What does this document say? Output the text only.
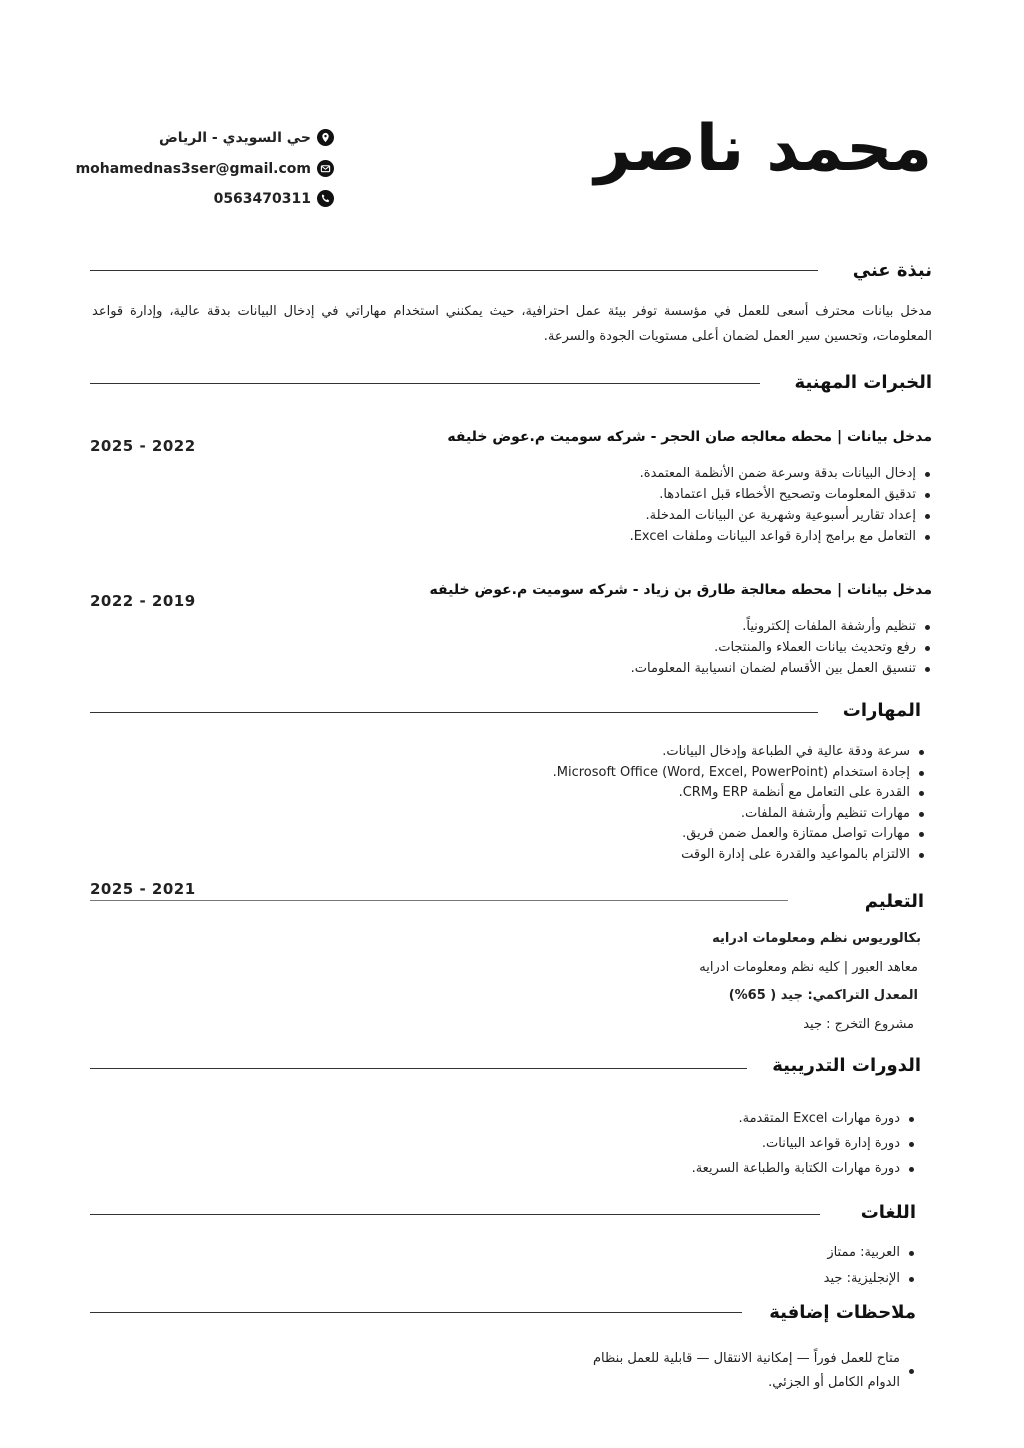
محمد ناصر
حي السويدي - الرياض
mohamednas3ser@gmail.com
0563470311
نبذة عني
مدخل بيانات محترف أسعى للعمل في مؤسسة توفر بيئة عمل احترافية، حيث يمكنني استخدام مهاراتي في إدخال البيانات بدقة عالية، وإدارة قواعد المعلومات، وتحسين سير العمل لضمان أعلى مستويات الجودة والسرعة.
الخبرات المهنية
مدخل بيانات | محطه معالجه صان الحجر - شركه سوميت م.عوض خليفه
2025 - 2022
إدخال البيانات بدقة وسرعة ضمن الأنظمة المعتمدة.
تدقيق المعلومات وتصحيح الأخطاء قبل اعتمادها.
إعداد تقارير أسبوعية وشهرية عن البيانات المدخلة.
التعامل مع برامج إدارة قواعد البيانات وملفات Excel.
مدخل بيانات | محطه معالجة طارق بن زياد - شركه سوميت م.عوض خليفه
2022 - 2019
تنظيم وأرشفة الملفات إلكترونياً.
رفع وتحديث بيانات العملاء والمنتجات.
تنسيق العمل بين الأقسام لضمان انسيابية المعلومات.
المهارات
سرعة ودقة عالية في الطباعة وإدخال البيانات.
إجادة استخدام Microsoft Office (Word, Excel, PowerPoint).
القدرة على التعامل مع أنظمة ERP وCRM.
مهارات تنظيم وأرشفة الملفات.
مهارات تواصل ممتازة والعمل ضمن فريق.
الالتزام بالمواعيد والقدرة على إدارة الوقت
2025 - 2021
التعليم
بكالوريوس نظم ومعلومات ادرايه
معاهد العبور | كليه نظم ومعلومات ادرايه
المعدل التراكمي: جيد ( 65%)
مشروع التخرج : جيد
الدورات التدريبية
دورة مهارات Excel المتقدمة.
دورة إدارة قواعد البيانات.
دورة مهارات الكتابة والطباعة السريعة.
اللغات
العربية: ممتاز
الإنجليزية: جيد
ملاحظات إضافية
متاح للعمل فوراً — إمكانية الانتقال — قابلية للعمل بنظام
الدوام الكامل أو الجزئي.
